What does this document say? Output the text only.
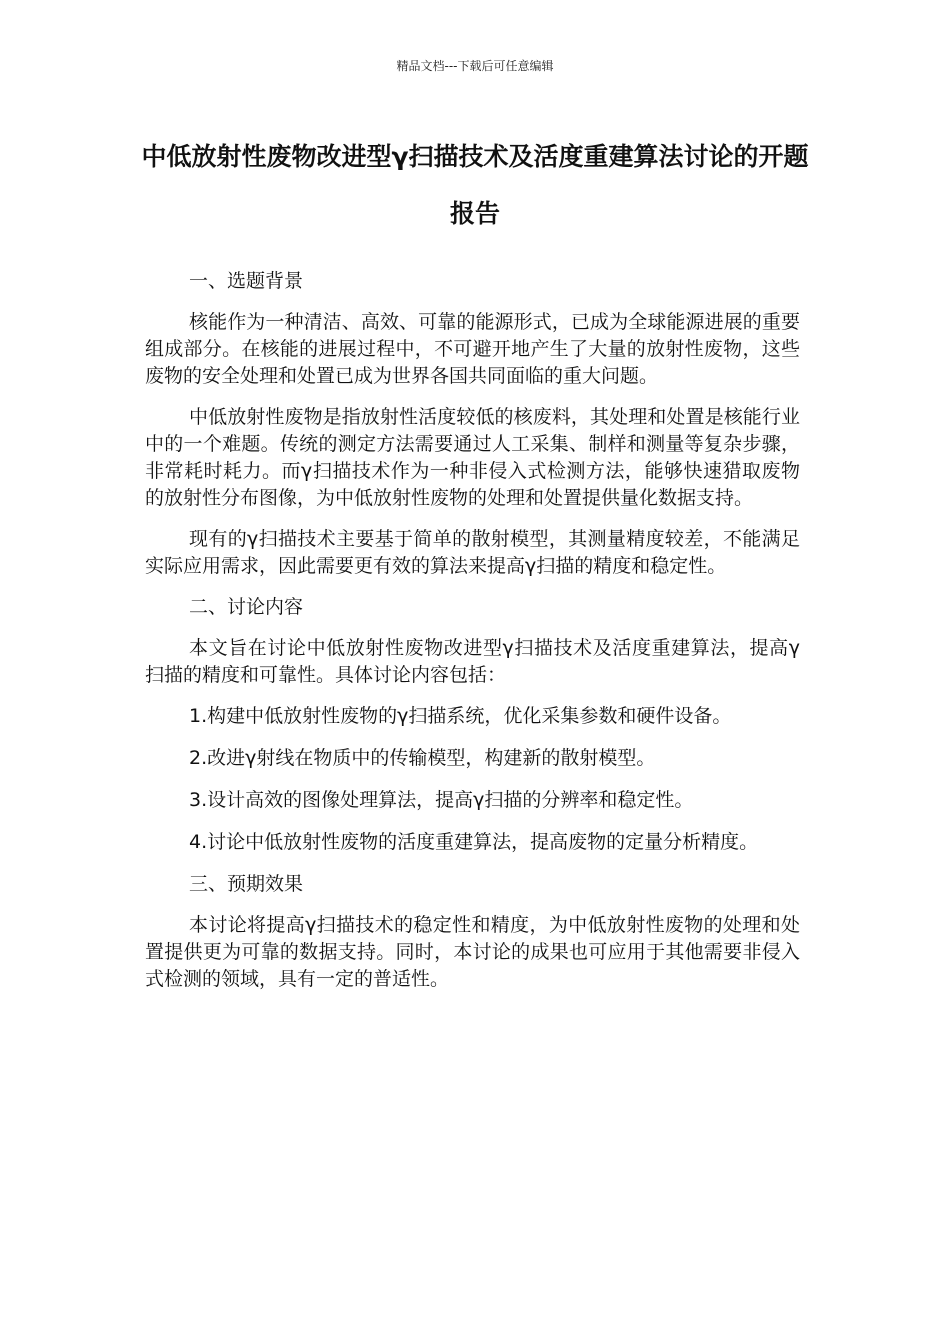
精品文档---下载后可任意编辑
中低放射性废物改进型γ扫描技术及活度重建算法讨论的开题报告

一、选题背景

核能作为一种清洁、高效、可靠的能源形式，已成为全球能源进展的重要组成部分。在核能的进展过程中，不可避开地产生了大量的放射性废物，这些废物的安全处理和处置已成为世界各国共同面临的重大问题。

中低放射性废物是指放射性活度较低的核废料，其处理和处置是核能行业中的一个难题。传统的测定方法需要通过人工采集、制样和测量等复杂步骤，非常耗时耗力。而γ扫描技术作为一种非侵入式检测方法，能够快速猎取废物的放射性分布图像，为中低放射性废物的处理和处置提供量化数据支持。

现有的γ扫描技术主要基于简单的散射模型，其测量精度较差，不能满足实际应用需求，因此需要更有效的算法来提高γ扫描的精度和稳定性。

二、讨论内容

本文旨在讨论中低放射性废物改进型γ扫描技术及活度重建算法，提高γ扫描的精度和可靠性。具体讨论内容包括：

1.构建中低放射性废物的γ扫描系统，优化采集参数和硬件设备。

2.改进γ射线在物质中的传输模型，构建新的散射模型。

3.设计高效的图像处理算法，提高γ扫描的分辨率和稳定性。

4.讨论中低放射性废物的活度重建算法，提高废物的定量分析精度。

三、预期效果

本讨论将提高γ扫描技术的稳定性和精度，为中低放射性废物的处理和处置提供更为可靠的数据支持。同时，本讨论的成果也可应用于其他需要非侵入式检测的领域，具有一定的普适性。
